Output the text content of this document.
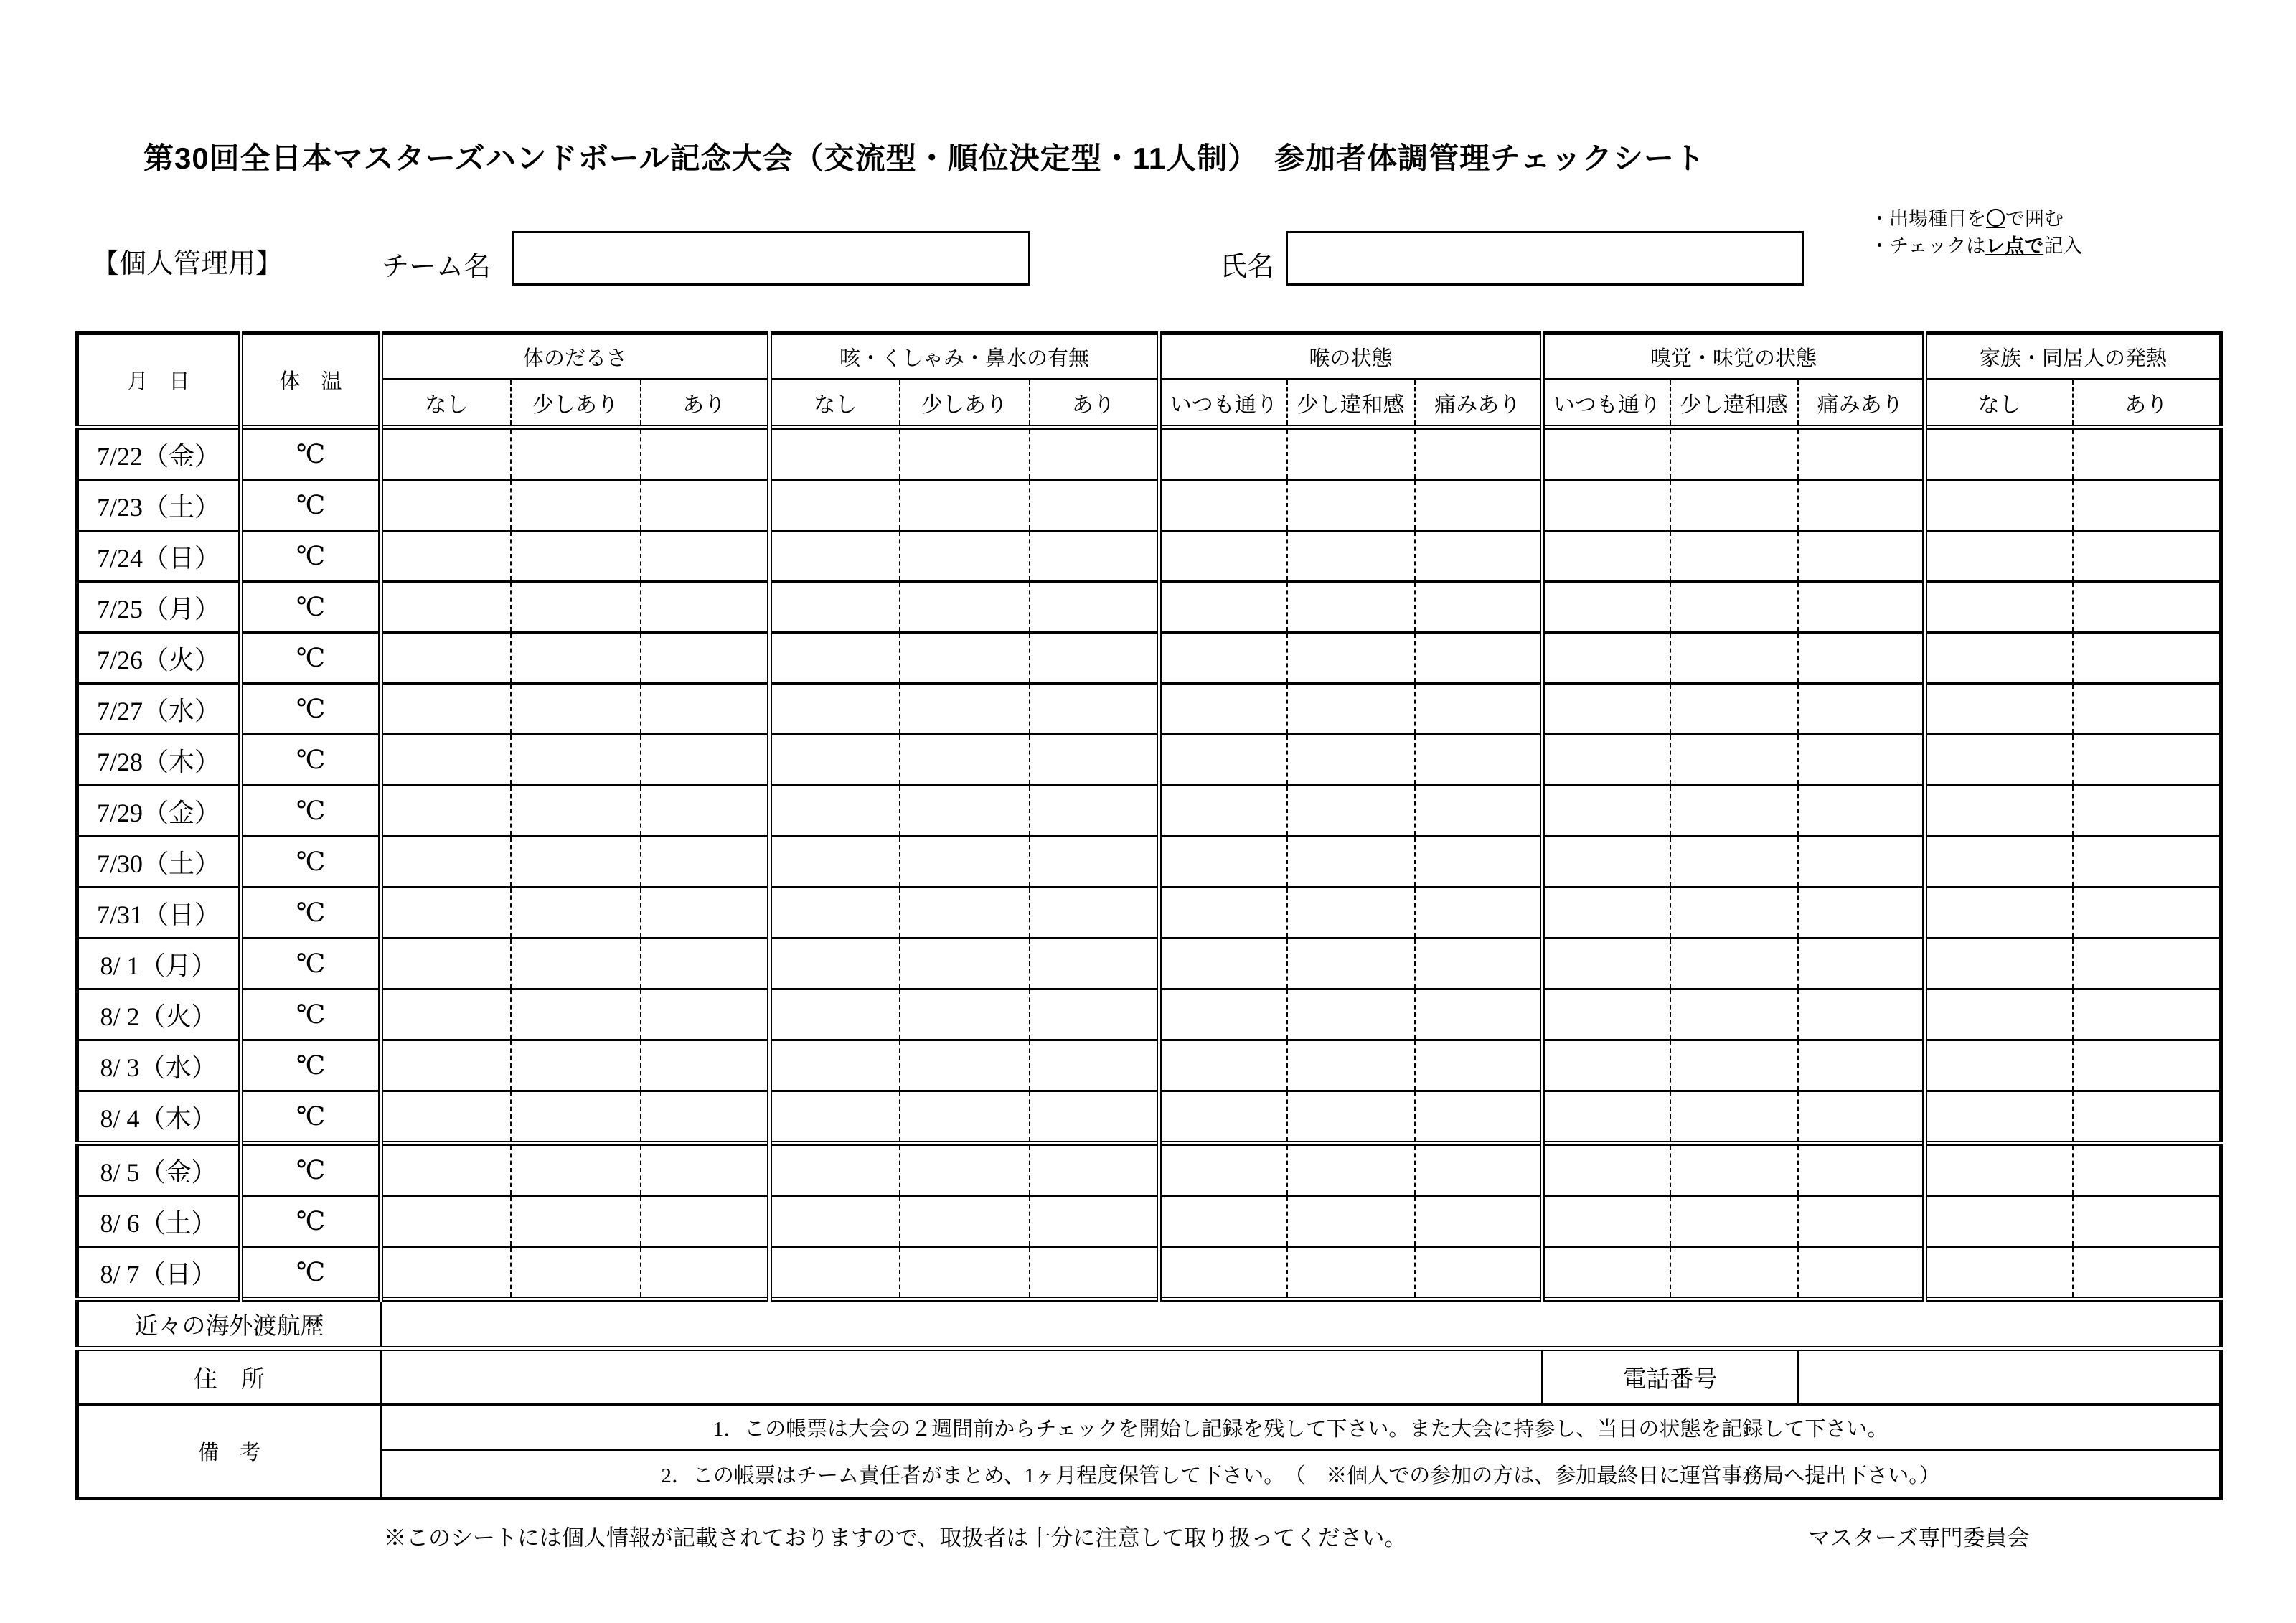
第30回全日本マスターズハンドボール記念大会（交流型・順位決定型・11人制）　参加者体調管理チェックシート
【個人管理用】	チーム名	氏名
・出場種目を〇で囲む
・チェックはレ点で記入
月　日	体　温	体のだるさ			咳・くしゃみ・鼻水の有無			喉の状態			嗅覚・味覚の状態			家族・同居人の発熱	
		なし	少しあり	あり	なし	少しあり	あり	いつも通り	少し違和感	痛みあり	いつも通り	少し違和感	痛みあり	なし	あり
7/22（金）	℃														
7/23（土）	℃														
7/24（日）	℃														
7/25（月）	℃														
7/26（火）	℃														
7/27（水）	℃														
7/28（木）	℃														
7/29（金）	℃														
7/30（土）	℃														
7/31（日）	℃														
8/ 1（月）	℃														
8/ 2（火）	℃														
8/ 3（水）	℃														
8/ 4（木）	℃														
8/ 5（金）	℃														
8/ 6（土）	℃														
8/ 7（日）	℃														
近々の海外渡航歴															
住　所											電話番号				
備　考		1．この帳票は大会の２週間前からチェックを開始し記録を残して下さい。また大会に持参し、当日の状態を記録して下さい。													
		2．この帳票はチーム責任者がまとめ、1ヶ月程度保管して下さい。　（　※個人での参加の方は、参加最終日に運営事務局へ提出下さい。）													
※このシートには個人情報が記載されておりますので、取扱者は十分に注意して取り扱ってください。	マスターズ専門委員会
